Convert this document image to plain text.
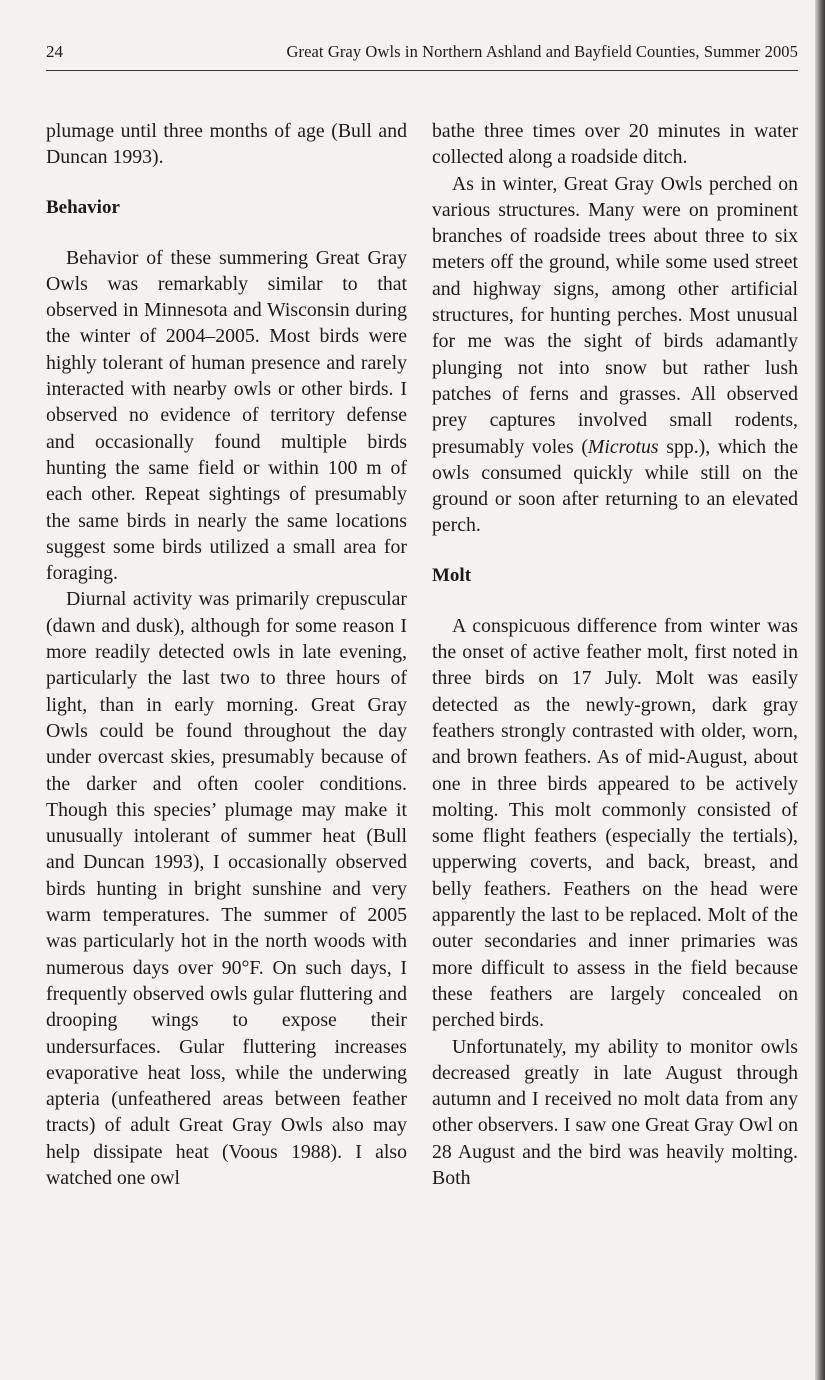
24	Great Gray Owls in Northern Ashland and Bayfield Counties, Summer 2005

plumage until three months of age (Bull and Duncan 1993).

Behavior

Behavior of these summering Great Gray Owls was remarkably similar to that observed in Minnesota and Wisconsin during the winter of 2004–2005. Most birds were highly tolerant of human presence and rarely interacted with nearby owls or other birds. I observed no evidence of territory defense and occasionally found multiple birds hunting the same field or within 100 m of each other. Repeat sightings of presumably the same birds in nearly the same locations suggest some birds utilized a small area for foraging.

Diurnal activity was primarily crepuscular (dawn and dusk), although for some reason I more readily detected owls in late evening, particularly the last two to three hours of light, than in early morning. Great Gray Owls could be found throughout the day under overcast skies, presumably because of the darker and often cooler conditions. Though this species’ plumage may make it unusually intolerant of summer heat (Bull and Duncan 1993), I occasionally observed birds hunting in bright sunshine and very warm temperatures. The summer of 2005 was particularly hot in the north woods with numerous days over 90°F. On such days, I frequently observed owls gular fluttering and drooping wings to expose their undersurfaces. Gular fluttering increases evaporative heat loss, while the underwing apteria (unfeathered areas between feather tracts) of adult Great Gray Owls also may help dissipate heat (Voous 1988). I also watched one owl

bathe three times over 20 minutes in water collected along a roadside ditch.

As in winter, Great Gray Owls perched on various structures. Many were on prominent branches of roadside trees about three to six meters off the ground, while some used street and highway signs, among other artificial structures, for hunting perches. Most unusual for me was the sight of birds adamantly plunging not into snow but rather lush patches of ferns and grasses. All observed prey captures involved small rodents, presumably voles (Microtus spp.), which the owls consumed quickly while still on the ground or soon after returning to an elevated perch.

Molt

A conspicuous difference from winter was the onset of active feather molt, first noted in three birds on 17 July. Molt was easily detected as the newly-grown, dark gray feathers strongly contrasted with older, worn, and brown feathers. As of mid-August, about one in three birds appeared to be actively molting. This molt commonly consisted of some flight feathers (especially the tertials), upperwing coverts, and back, breast, and belly feathers. Feathers on the head were apparently the last to be replaced. Molt of the outer secondaries and inner primaries was more difficult to assess in the field because these feathers are largely concealed on perched birds.

Unfortunately, my ability to monitor owls decreased greatly in late August through autumn and I received no molt data from any other observers. I saw one Great Gray Owl on 28 August and the bird was heavily molting. Both
